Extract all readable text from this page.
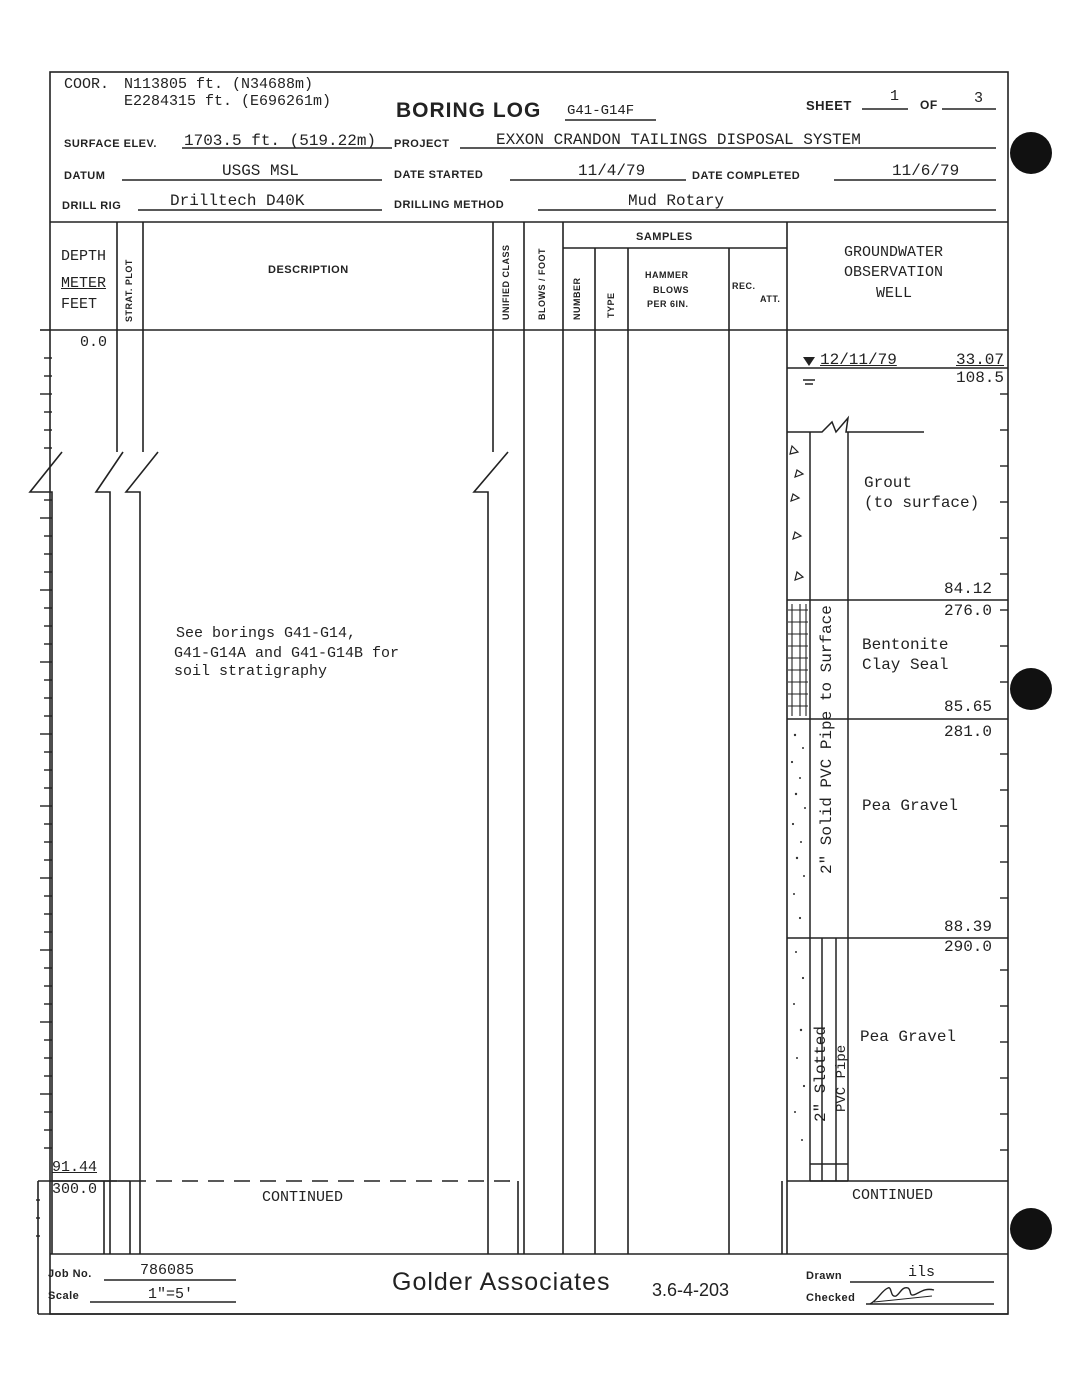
COOR. N113805 ft. (N34688m)
E2284315 ft. (E696261m)	BORING LOG G41-G14F	SHEET
1 OF 3
SURFACE ELEV. 1703.5 ft. (519.22m) PROJECT	EXXON CRANDON TAILINGS DISPOSAL SYSTEM
DATUM	USGS MSL	DATE STARTED	11/4/79	DATE COMPLETED	11/6/79
DRILL RIG	Drilltech D40K	DRILLING METHOD	Mud Rotary
DEPTH
METER
FEET	STRAT. PLOT	DESCRIPTION	UNIFIED CLASS	BLOWS / FOOT
SAMPLES
NUMBER	TYPE
HAMMER
BLOWS
PER 6IN.
REC.
ATT.
GROUNDWATER
OBSERVATION
WELL
0.0
See borings G41-G14,
G41-G14A and G41-G14B for
soil stratigraphy
91.44
300.0	CONTINUED
12/11/79	33.07
108.5
Grout
(to surface)
84.12
276.0
Bentonite
Clay Seal
85.65
281.0
Pea Gravel
2" Solid PVC Pipe to Surface
88.39
290.0
Pea Gravel
2" Slotted PVC Pipe
CONTINUED
Job No.	786085
Scale	1"=5'	Golder Associates 3.6-4-203
Drawn	ils
Checked
